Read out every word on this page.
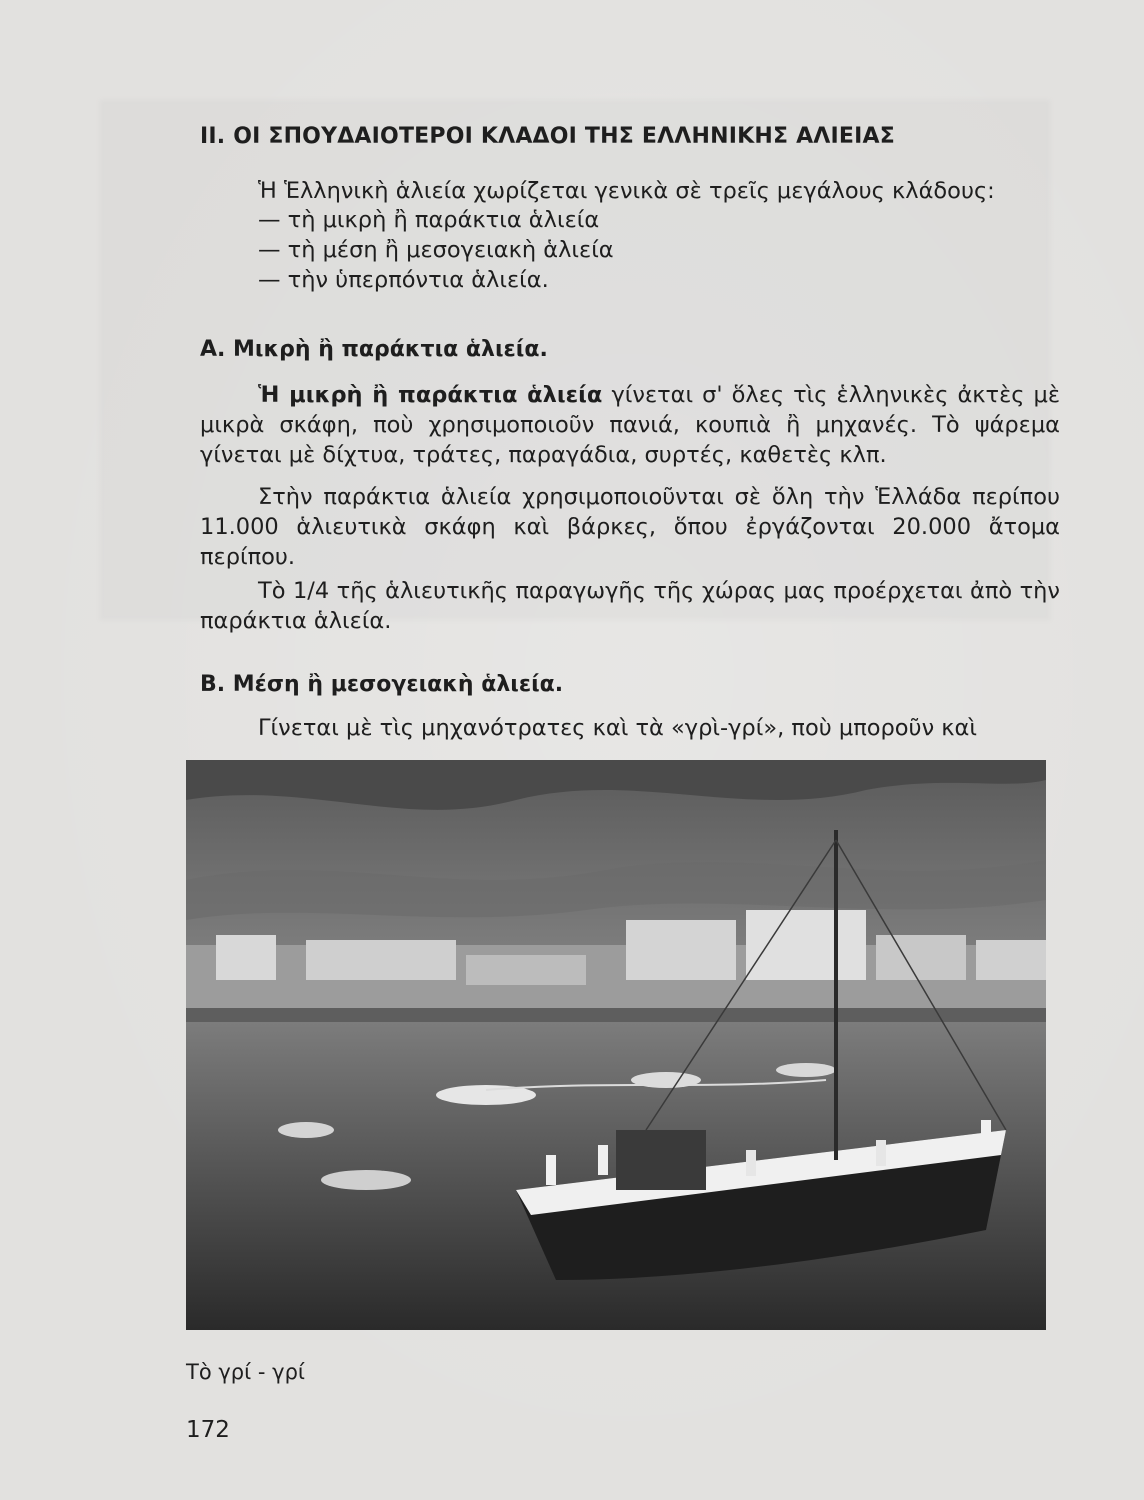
II. ΟΙ ΣΠΟΥΔΑΙΟΤΕΡΟΙ ΚΛΑΔΟΙ ΤΗΣ ΕΛΛΗΝΙΚΗΣ ΑΛΙΕΙΑΣ

Ἡ Ἑλληνικὴ ἁλιεία χωρίζεται γενικὰ σὲ τρεῖς μεγάλους κλάδους:

— τὴ μικρὴ ἢ παράκτια ἁλιεία
— τὴ μέση ἢ μεσογειακὴ ἁλιεία
— τὴν ὑπερπόντια ἁλιεία.
Α. Μικρὴ ἢ παράκτια ἁλιεία.

Ἡ μικρὴ ἢ παράκτια ἁλιεία γίνεται σ' ὅλες τὶς ἑλληνικὲς ἀκτὲς μὲ μικρὰ σκάφη, ποὺ χρησιμοποιοῦν πανιά, κουπιὰ ἢ μηχανές. Τὸ ψάρεμα γίνεται μὲ δίχτυα, τράτες, παραγάδια, συρτές, καθετὲς κλπ.

Στὴν παράκτια ἁλιεία χρησιμοποιοῦνται σὲ ὅλη τὴν Ἑλλάδα περίπου 11.000 ἁλιευτικὰ σκάφη καὶ βάρκες, ὅπου ἐργάζονται 20.000 ἄτομα περίπου.

Τὸ 1/4 τῆς ἁλιευτικῆς παραγωγῆς τῆς χώρας μας προέρχεται ἀπὸ τὴν παράκτια ἁλιεία.

Β. Μέση ἢ μεσογειακὴ ἁλιεία.

Γίνεται μὲ τὶς μηχανότρατες καὶ τὰ «γρὶ-γρί», ποὺ μποροῦν καὶ

Τὸ γρί - γρί
172
